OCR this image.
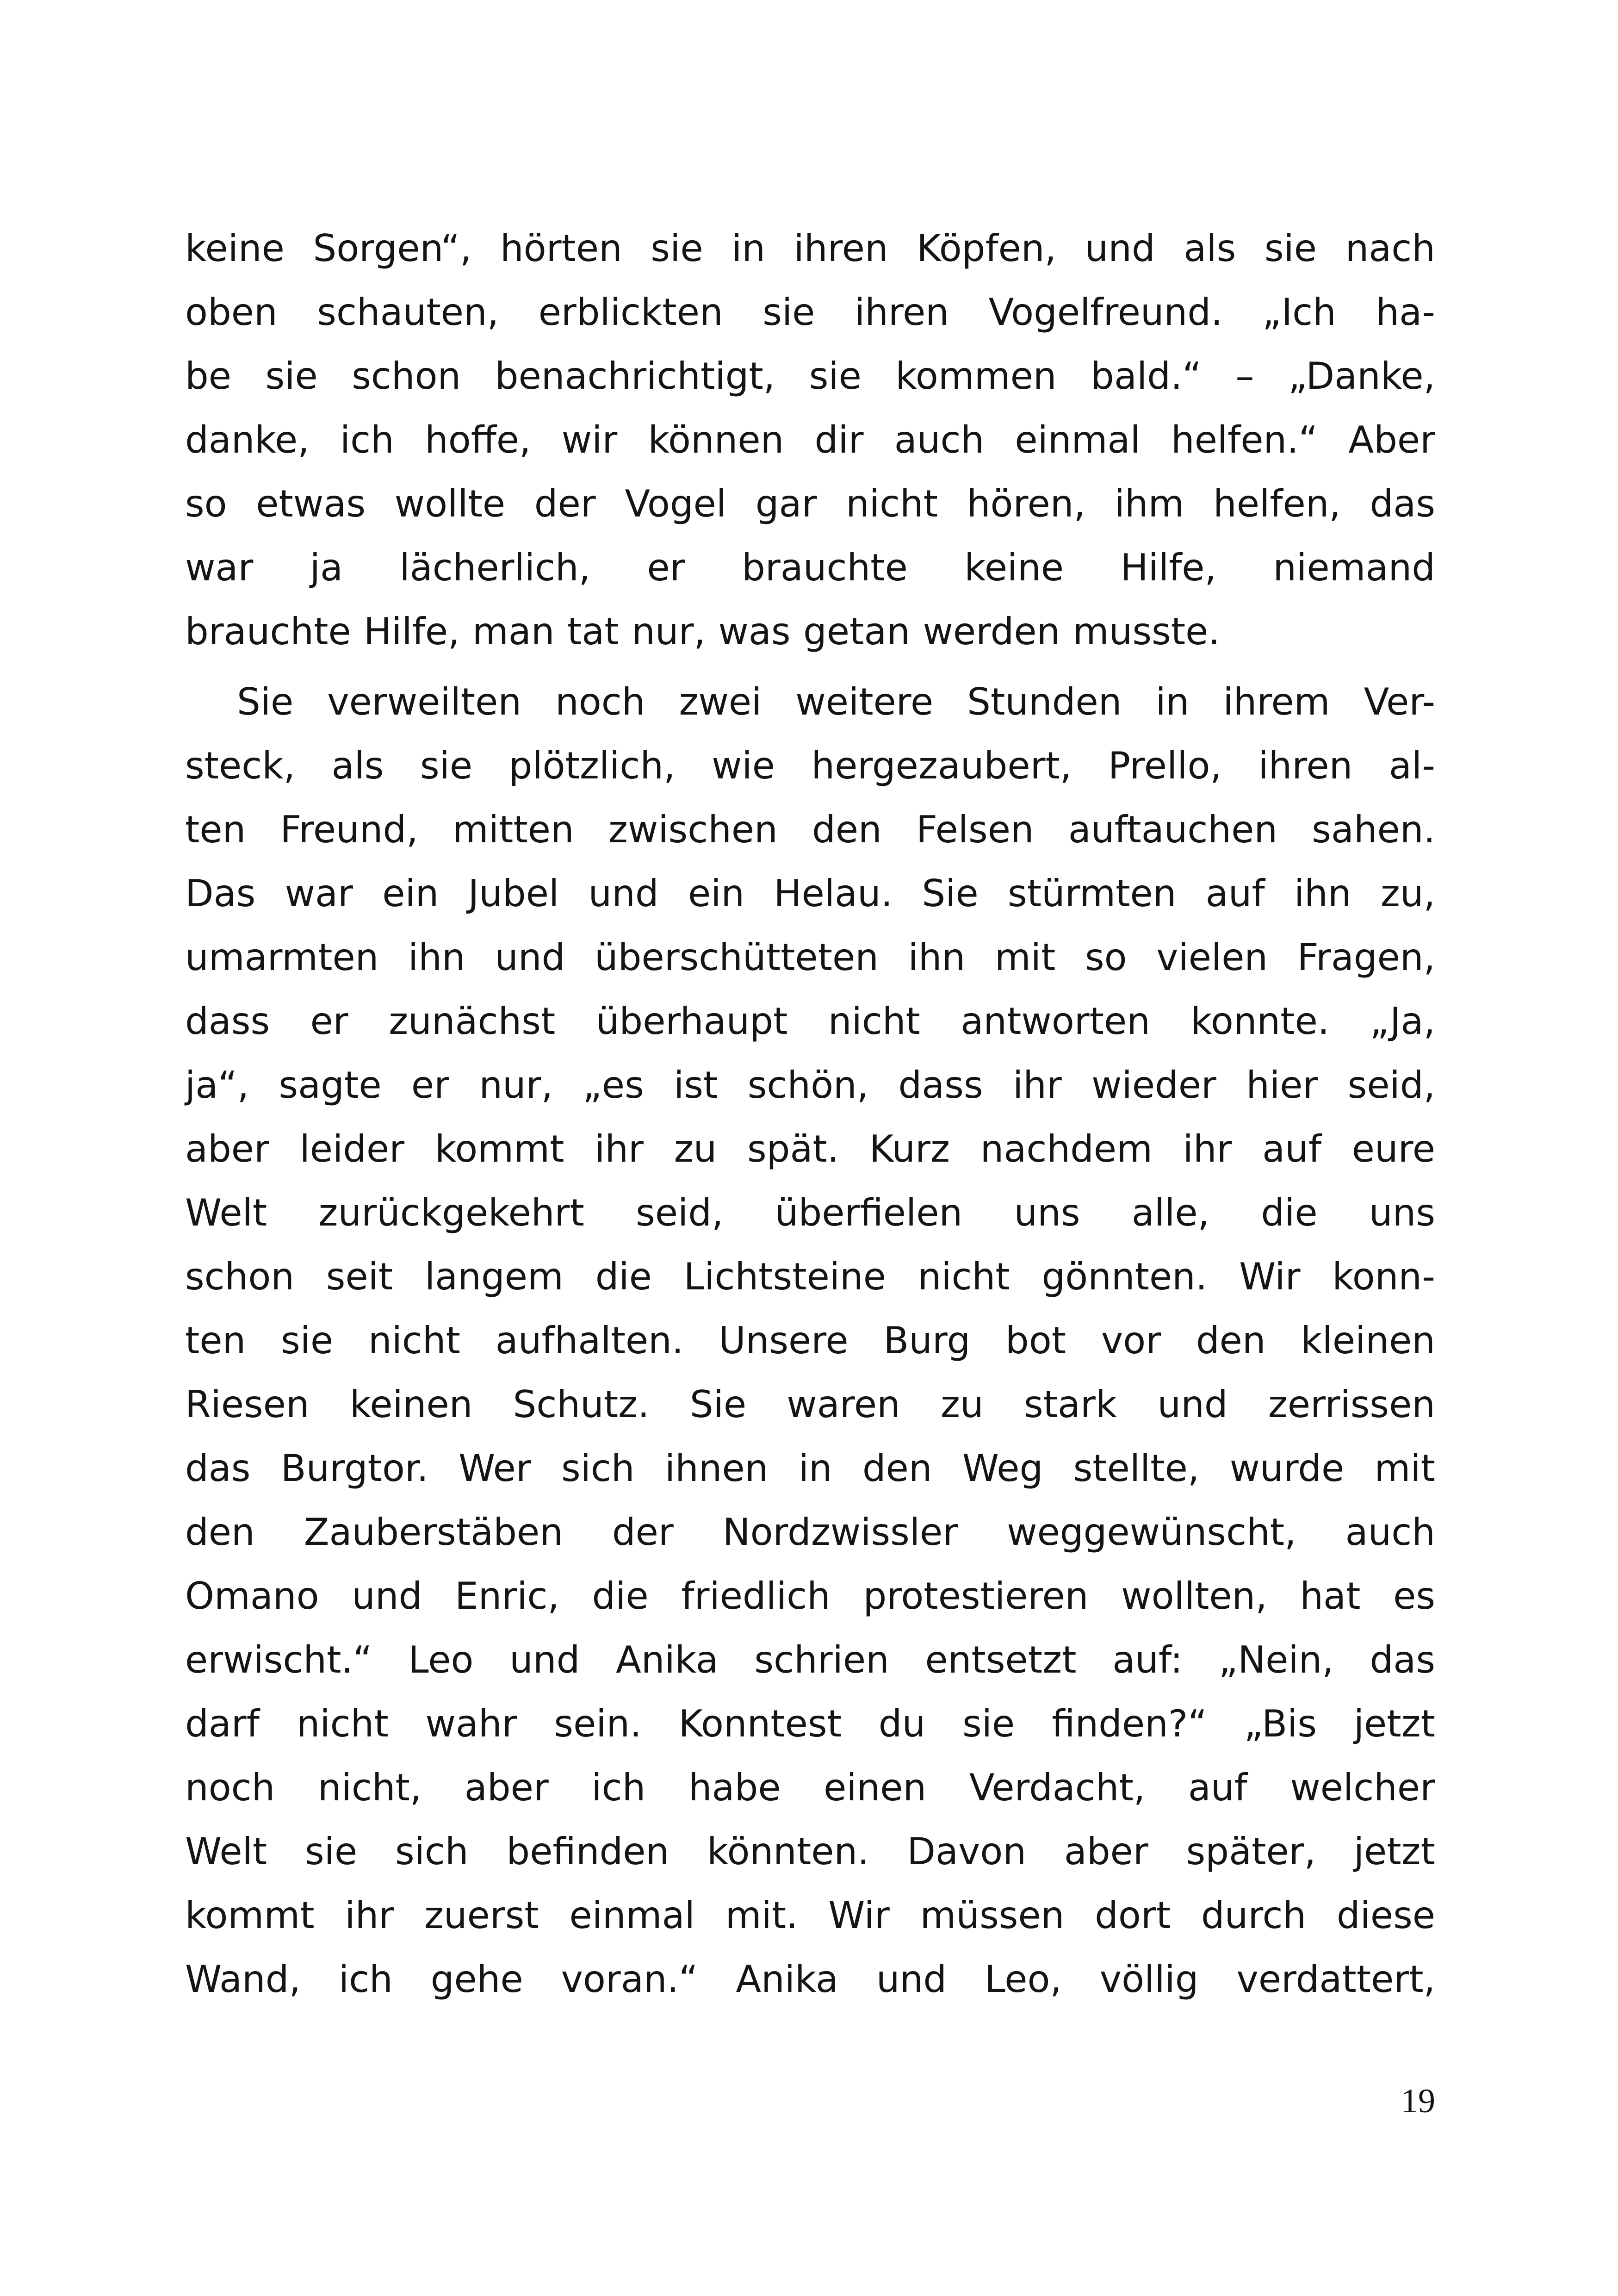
keine Sorgen“, hörten sie in ihren Köpfen, und als sie nach
oben schauten, erblickten sie ihren Vogelfreund. „Ich ha-
be sie schon benachrichtigt, sie kommen bald.“ – „Danke,
danke, ich hoffe, wir können dir auch einmal helfen.“ Aber
so etwas wollte der Vogel gar nicht hören, ihm helfen, das
war ja lächerlich, er brauchte keine Hilfe, niemand
brauchte Hilfe, man tat nur, was getan werden musste.
Sie verweilten noch zwei weitere Stunden in ihrem Ver-
steck, als sie plötzlich, wie hergezaubert, Prello, ihren al-
ten Freund, mitten zwischen den Felsen auftauchen sahen.
Das war ein Jubel und ein Helau. Sie stürmten auf ihn zu,
umarmten ihn und überschütteten ihn mit so vielen Fragen,
dass er zunächst überhaupt nicht antworten konnte. „Ja,
ja“, sagte er nur, „es ist schön, dass ihr wieder hier seid,
aber leider kommt ihr zu spät. Kurz nachdem ihr auf eure
Welt zurückgekehrt seid, überfielen uns alle, die uns
schon seit langem die Lichtsteine nicht gönnten. Wir konn-
ten sie nicht aufhalten. Unsere Burg bot vor den kleinen
Riesen keinen Schutz. Sie waren zu stark und zerrissen
das Burgtor. Wer sich ihnen in den Weg stellte, wurde mit
den Zauberstäben der Nordzwissler weggewünscht, auch
Omano und Enric, die friedlich protestieren wollten, hat es
erwischt.“ Leo und Anika schrien entsetzt auf: „Nein, das
darf nicht wahr sein. Konntest du sie finden?“ „Bis jetzt
noch nicht, aber ich habe einen Verdacht, auf welcher
Welt sie sich befinden könnten. Davon aber später, jetzt
kommt ihr zuerst einmal mit. Wir müssen dort durch diese
Wand, ich gehe voran.“ Anika und Leo, völlig verdattert,
19
